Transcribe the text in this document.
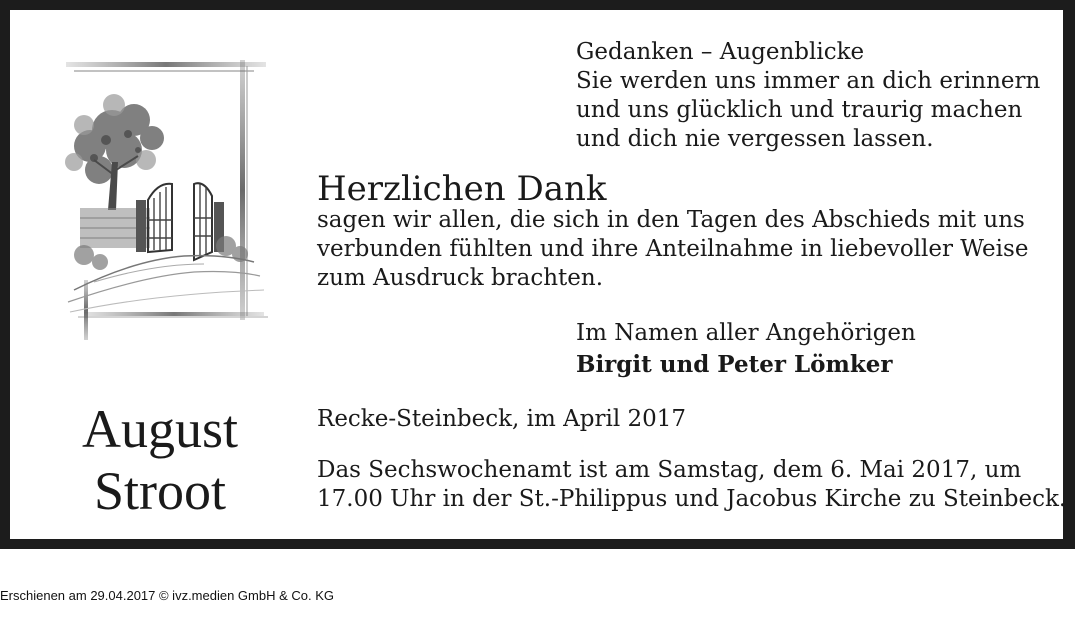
Gedanken – Augenblicke
Sie werden uns immer an dich erinnern
und uns glücklich und traurig machen
und dich nie vergessen lassen.
Herzlichen Dank
sagen wir allen, die sich in den Tagen des Abschieds mit uns
verbunden fühlten und ihre Anteilnahme in liebevoller Weise
zum Ausdruck brachten.
Im Namen aller Angehörigen
Birgit und Peter Lömker
August
Stroot
Recke-Steinbeck, im April 2017
Das Sechswochenamt ist am Samstag, dem 6. Mai 2017, um
17.00 Uhr in der St.-Philippus und Jacobus Kirche zu Steinbeck.
Erschienen am 29.04.2017 © ivz.medien GmbH & Co. KG
